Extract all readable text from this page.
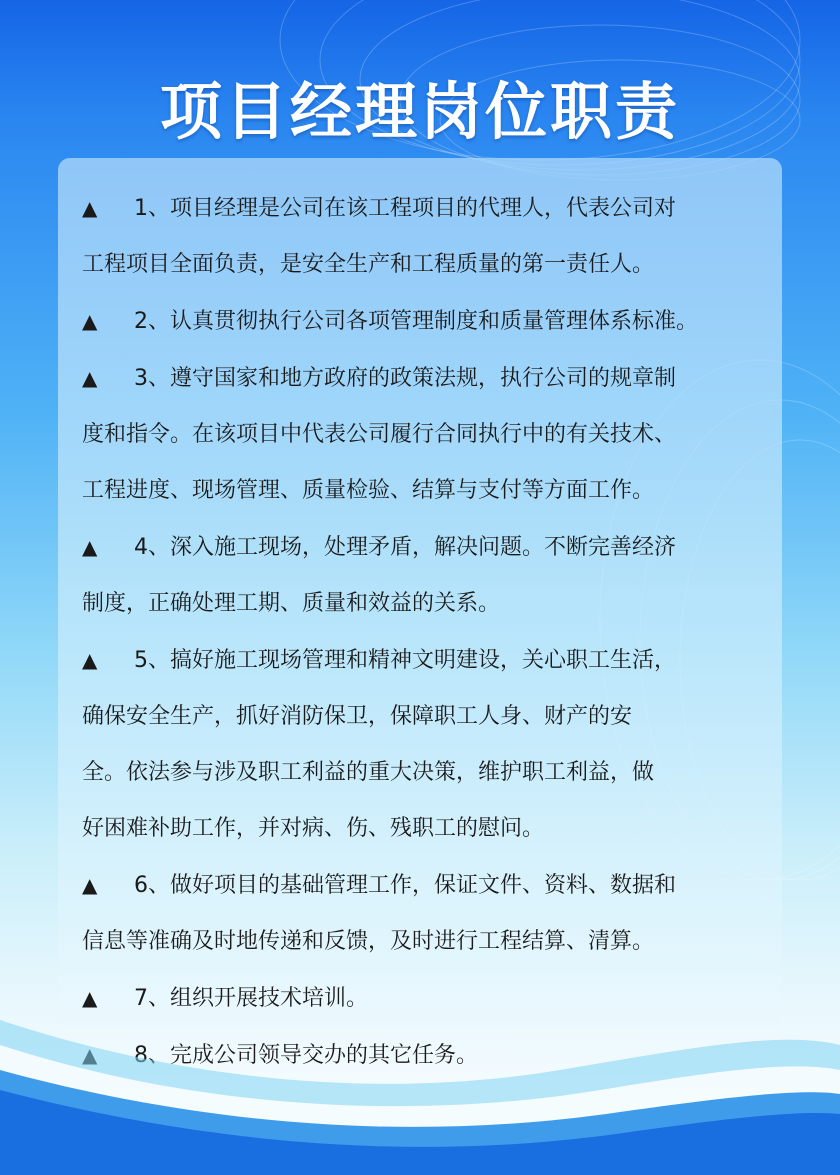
项目经理岗位职责
▲ 1、项目经理是公司在该工程项目的代理人，代表公司对
工程项目全面负责，是安全生产和工程质量的第一责任人。
▲ 2、认真贯彻执行公司各项管理制度和质量管理体系标准。
▲ 3、遵守国家和地方政府的政策法规，执行公司的规章制
度和指令。在该项目中代表公司履行合同执行中的有关技术、
工程进度、现场管理、质量检验、结算与支付等方面工作。
▲ 4、深入施工现场，处理矛盾，解决问题。不断完善经济
制度，正确处理工期、质量和效益的关系。
▲ 5、搞好施工现场管理和精神文明建设，关心职工生活，
确保安全生产，抓好消防保卫，保障职工人身、财产的安
全。依法参与涉及职工利益的重大决策，维护职工利益，做
好困难补助工作，并对病、伤、残职工的慰问。
▲ 6、做好项目的基础管理工作，保证文件、资料、数据和
信息等准确及时地传递和反馈，及时进行工程结算、清算。
▲ 7、组织开展技术培训。
8、完成公司领导交办的其它任务。
